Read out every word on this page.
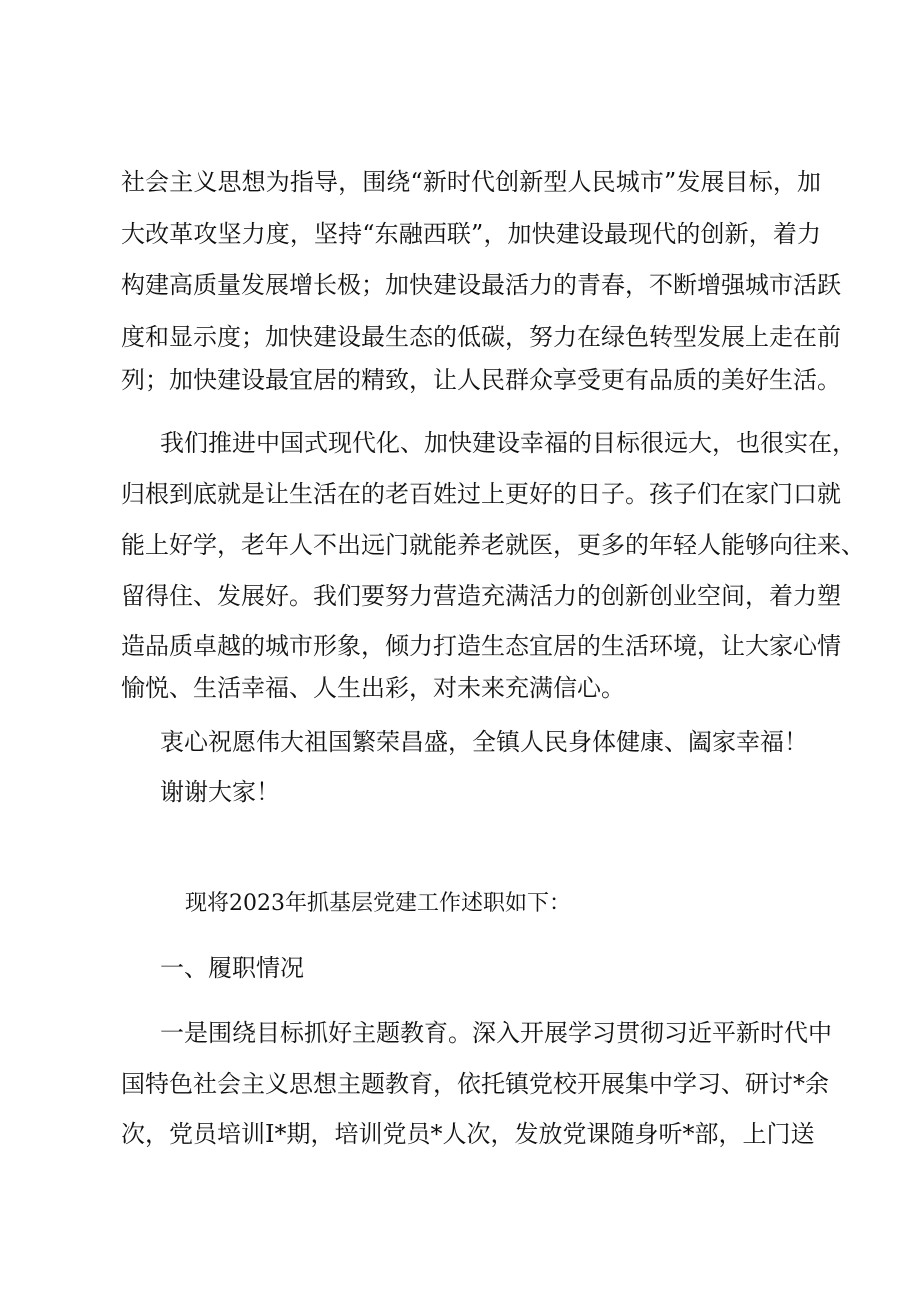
社会主义思想为指导，围绕“新时代创新型人民城市”发展目标，加
大改革攻坚力度，坚持“东融西联”，加快建设最现代的创新，着力
构建高质量发展增长极；加快建设最活力的青春，不断增强城市活跃
度和显示度；加快建设最生态的低碳，努力在绿色转型发展上走在前
列；加快建设最宜居的精致，让人民群众享受更有品质的美好生活。
我们推进中国式现代化、加快建设幸福的目标很远大，也很实在，
归根到底就是让生活在的老百姓过上更好的日子。孩子们在家门口就
能上好学，老年人不出远门就能养老就医，更多的年轻人能够向往来、
留得住、发展好。我们要努力营造充满活力的创新创业空间，着力塑
造品质卓越的城市形象，倾力打造生态宜居的生活环境，让大家心情
愉悦、生活幸福、人生出彩，对未来充满信心。
衷心祝愿伟大祖国繁荣昌盛，全镇人民身体健康、阖家幸福！
谢谢大家！
现将2023年抓基层党建工作述职如下：
一、履职情况
一是围绕目标抓好主题教育。深入开展学习贯彻习近平新时代中
国特色社会主义思想主题教育，依托镇党校开展集中学习、研讨*余
次，党员培训I*期，培训党员*人次，发放党课随身听*部，上门送
